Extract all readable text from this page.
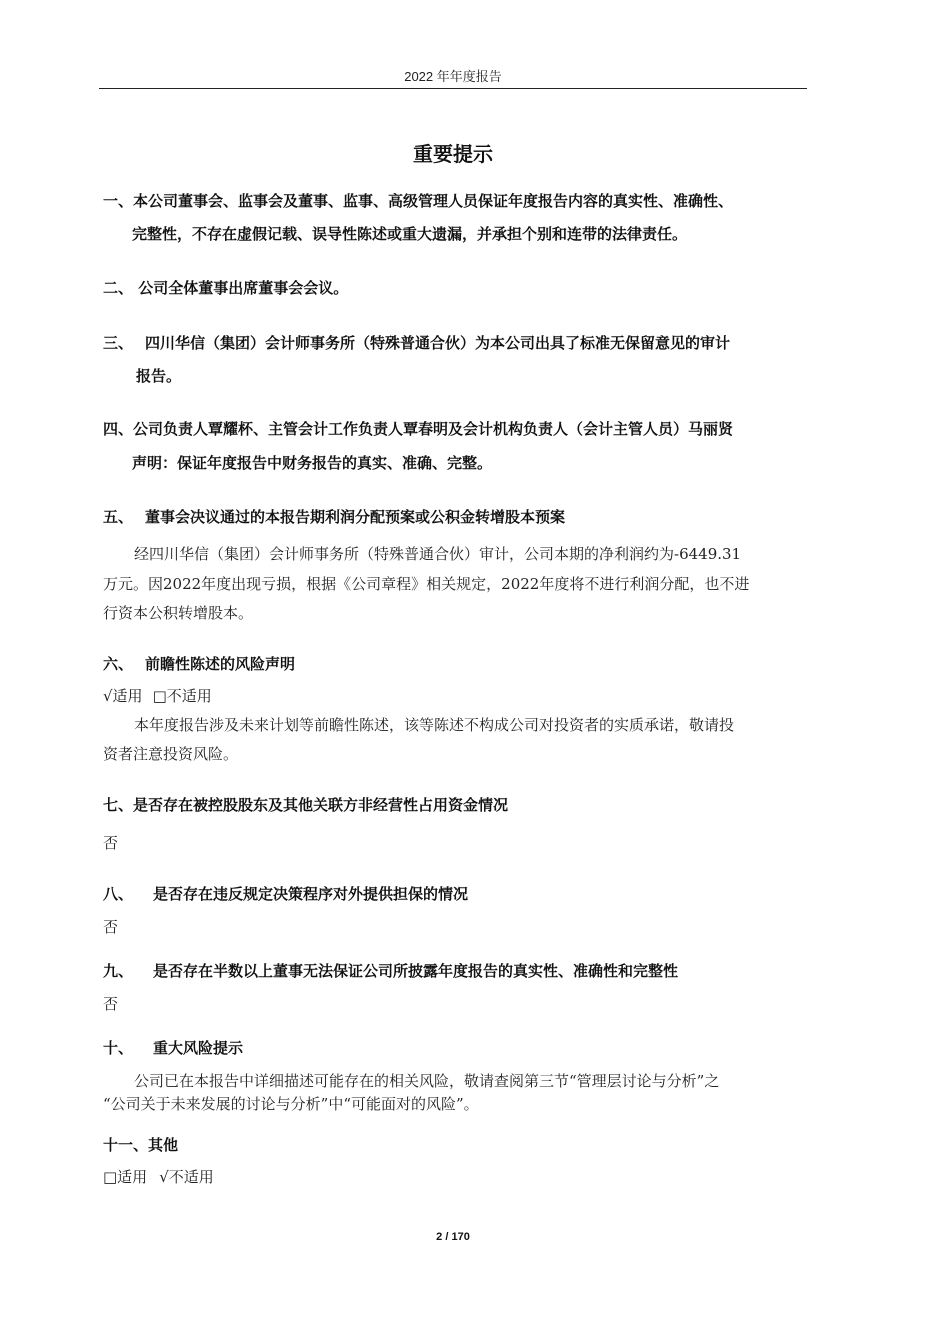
2022 年年度报告
重要提示
一、本公司董事会、监事会及董事、监事、高级管理人员保证年度报告内容的真实性、准确性、
完整性，不存在虚假记载、误导性陈述或重大遗漏，并承担个别和连带的法律责任。
二、 公司全体董事出席董事会会议。
三、 四川华信（集团）会计师事务所（特殊普通合伙）为本公司出具了标准无保留意见的审计
报告。
四、公司负责人覃耀杯、主管会计工作负责人覃春明及会计机构负责人（会计主管人员）马丽贤
声明：保证年度报告中财务报告的真实、准确、完整。
五、 董事会决议通过的本报告期利润分配预案或公积金转增股本预案
经四川华信（集团）会计师事务所（特殊普通合伙）审计，公司本期的净利润约为-6449.31
万元。因2022年度出现亏损，根据《公司章程》相关规定，2022年度将不进行利润分配，也不进
行资本公积转增股本。
六、 前瞻性陈述的风险声明
√适用 □不适用
本年度报告涉及未来计划等前瞻性陈述，该等陈述不构成公司对投资者的实质承诺，敬请投
资者注意投资风险。
七、是否存在被控股股东及其他关联方非经营性占用资金情况
否
八、 是否存在违反规定决策程序对外提供担保的情况
否
九、 是否存在半数以上董事无法保证公司所披露年度报告的真实性、准确性和完整性
否
十、 重大风险提示
公司已在本报告中详细描述可能存在的相关风险，敬请查阅第三节“管理层讨论与分析”之
“公司关于未来发展的讨论与分析”中“可能面对的风险”。
十一、其他
□适用 √不适用
2 / 170
